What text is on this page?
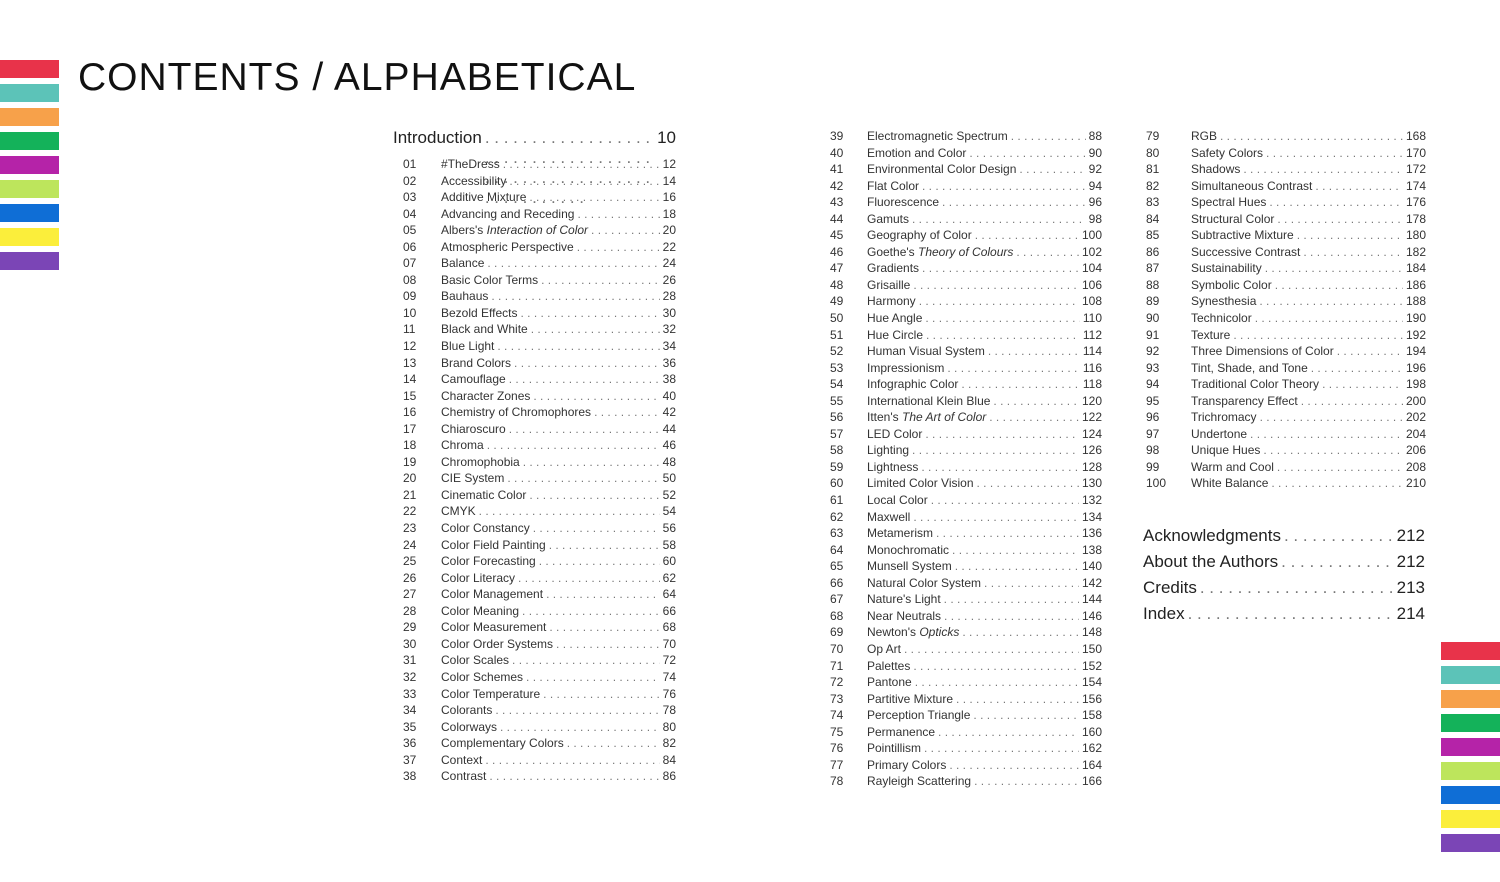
CONTENTS / ALPHABETICAL
Introduction . . .	10
01	#TheDress . . .	12
02	Accessibility . . .	14
03	Additive Mixture . . .	16
04	Advancing and Receding . . .	18
05	Albers's Interaction of Color . . .	20
06	Atmospheric Perspective . . .	22
07	Balance . . .	24
08	Basic Color Terms . . .	26
09	Bauhaus . . .	28
10	Bezold Effects . . .	30
11	Black and White . . .	32
12	Blue Light . . .	34
13	Brand Colors . . .	36
14	Camouflage . . .	38
15	Character Zones . . .	40
16	Chemistry of Chromophores . . .	42
17	Chiaroscuro . . .	44
18	Chroma . . .	46
19	Chromophobia . . .	48
20	CIE System . . .	50
21	Cinematic Color . . .	52
22	CMYK . . .	54
23	Color Constancy . . .	56
24	Color Field Painting . . .	58
25	Color Forecasting . . .	60
26	Color Literacy . . .	62
27	Color Management . . .	64
28	Color Meaning . . .	66
29	Color Measurement . . .	68
30	Color Order Systems . . .	70
31	Color Scales . . .	72
32	Color Schemes . . .	74
33	Color Temperature . . .	76
34	Colorants . . .	78
35	Colorways . . .	80
36	Complementary Colors . . .	82
37	Context . . .	84
38	Contrast . . .	86
39	Electromagnetic Spectrum . . .	88
40	Emotion and Color . . .	90
41	Environmental Color Design . . .	92
42	Flat Color . . .	94
43	Fluorescence . . .	96
44	Gamuts . . .	98
45	Geography of Color . . .	100
46	Goethe's Theory of Colours . . .	102
47	Gradients . . .	104
48	Grisaille . . .	106
49	Harmony . . .	108
50	Hue Angle . . .	110
51	Hue Circle . . .	112
52	Human Visual System . . .	114
53	Impressionism . . .	116
54	Infographic Color . . .	118
55	International Klein Blue . . .	120
56	Itten's The Art of Color . . .	122
57	LED Color . . .	124
58	Lighting . . .	126
59	Lightness . . .	128
60	Limited Color Vision . . .	130
61	Local Color . . .	132
62	Maxwell . . .	134
63	Metamerism . . .	136
64	Monochromatic . . .	138
65	Munsell System . . .	140
66	Natural Color System . . .	142
67	Nature's Light . . .	144
68	Near Neutrals . . .	146
69	Newton's Opticks . . .	148
70	Op Art . . .	150
71	Palettes . . .	152
72	Pantone . . .	154
73	Partitive Mixture . . .	156
74	Perception Triangle . . .	158
75	Permanence . . .	160
76	Pointillism . . .	162
77	Primary Colors . . .	164
78	Rayleigh Scattering . . .	166
79	RGB . . .	168
80	Safety Colors . . .	170
81	Shadows . . .	172
82	Simultaneous Contrast . . .	174
83	Spectral Hues . . .	176
84	Structural Color . . .	178
85	Subtractive Mixture . . .	180
86	Successive Contrast . . .	182
87	Sustainability . . .	184
88	Symbolic Color . . .	186
89	Synesthesia . . .	188
90	Technicolor . . .	190
91	Texture . . .	192
92	Three Dimensions of Color . . .	194
93	Tint, Shade, and Tone . . .	196
94	Traditional Color Theory . . .	198
95	Transparency Effect . . .	200
96	Trichromacy . . .	202
97	Undertone . . .	204
98	Unique Hues . . .	206
99	Warm and Cool . . .	208
100	White Balance . . .	210
Acknowledgments . . .	212
About the Authors . . .	212
Credits . . .	213
Index . . .	214
